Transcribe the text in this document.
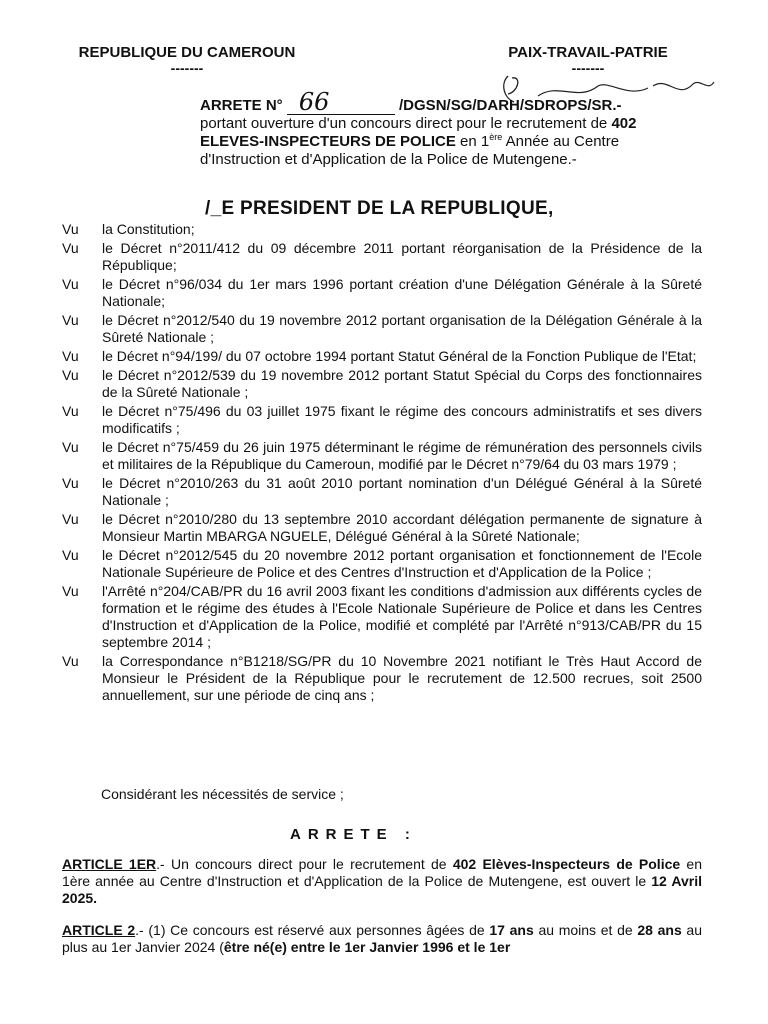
REPUBLIQUE DU CAMEROUN
-------
PAIX-TRAVAIL-PATRIE
-------
ARRETE N° 66	/DGSN/SG/DARH/SDROPS/SR.-
portant ouverture d'un concours direct pour le recrutement de 402 ELEVES-INSPECTEURS DE POLICE en 1ère Année au Centre d'Instruction et d'Application de la Police de Mutengene.-
/_E PRESIDENT DE LA REPUBLIQUE,
Vu	la Constitution;
Vu	le Décret n°2011/412 du 09 décembre 2011 portant réorganisation de la Présidence de la République;
Vu	le Décret n°96/034 du 1er mars 1996 portant création d'une Délégation Générale à la Sûreté Nationale;
Vu	le Décret n°2012/540 du 19 novembre 2012 portant organisation de la Délégation Générale à la Sûreté Nationale ;
Vu	le Décret n°94/199/ du 07 octobre 1994 portant Statut Général de la Fonction Publique de l'Etat;
Vu	le Décret n°2012/539 du 19 novembre 2012 portant Statut Spécial du Corps des fonctionnaires de la Sûreté Nationale ;
Vu	le Décret n°75/496 du 03 juillet 1975 fixant le régime des concours administratifs et ses divers modificatifs ;
Vu	le Décret n°75/459 du 26 juin 1975 déterminant le régime de rémunération des personnels civils et militaires de la République du Cameroun, modifié par le Décret n°79/64 du 03 mars 1979 ;
Vu	le Décret n°2010/263 du 31 août 2010 portant nomination d'un Délégué Général à la Sûreté Nationale ;
Vu	le Décret n°2010/280 du 13 septembre 2010 accordant délégation permanente de signature à Monsieur Martin MBARGA NGUELE, Délégué Général à la Sûreté Nationale;
Vu	le Décret n°2012/545 du 20 novembre 2012 portant organisation et fonctionnement de l'Ecole Nationale Supérieure de Police et des Centres d'Instruction et d'Application de la Police ;
Vu	l'Arrêté n°204/CAB/PR du 16 avril 2003 fixant les conditions d'admission aux différents cycles de formation et le régime des études à l'Ecole Nationale Supérieure de Police et dans les Centres d'Instruction et d'Application de la Police, modifié et complété par l'Arrêté n°913/CAB/PR du 15 septembre 2014 ;
Vu	la Correspondance n°B1218/SG/PR du 10 Novembre 2021 notifiant le Très Haut Accord de Monsieur le Président de la République pour le recrutement de 12.500 recrues, soit 2500 annuellement, sur une période de cinq ans ;
Considérant les nécessités de service ;
ARRETE :
ARTICLE 1ER.- Un concours direct pour le recrutement de 402 Elèves-Inspecteurs de Police en 1ère année au Centre d'Instruction et d'Application de la Police de Mutengene, est ouvert le 12 Avril 2025.
ARTICLE 2.- (1) Ce concours est réservé aux personnes âgées de 17 ans au moins et de 28 ans au plus au 1er Janvier 2024 (être né(e) entre le 1er Janvier 1996 et le 1er
